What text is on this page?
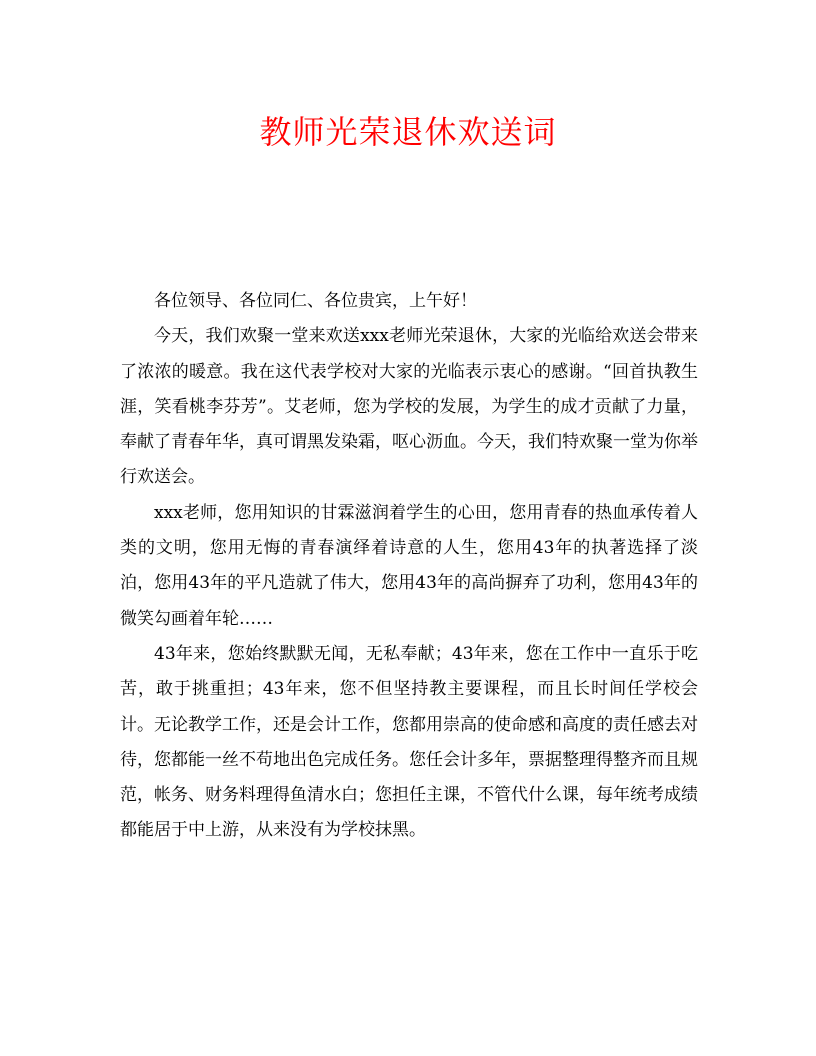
教师光荣退休欢送词

各位领导、各位同仁、各位贵宾，上午好！

今天，我们欢聚一堂来欢送xxx老师光荣退休，大家的光临给欢送会带来了浓浓的暖意。我在这代表学校对大家的光临表示衷心的感谢。“回首执教生涯，笑看桃李芬芳”。艾老师，您为学校的发展，为学生的成才贡献了力量，奉献了青春年华，真可谓黑发染霜，呕心沥血。今天，我们特欢聚一堂为你举行欢送会。

xxx老师，您用知识的甘霖滋润着学生的心田，您用青春的热血承传着人类的文明，您用无悔的青春演绎着诗意的人生，您用43年的执著选择了淡泊，您用43年的平凡造就了伟大，您用43年的高尚摒弃了功利，您用43年的微笑勾画着年轮……

43年来，您始终默默无闻，无私奉献；43年来，您在工作中一直乐于吃苦，敢于挑重担；43年来，您不但坚持教主要课程，而且长时间任学校会计。无论教学工作，还是会计工作，您都用崇高的使命感和高度的责任感去对待，您都能一丝不苟地出色完成任务。您任会计多年，票据整理得整齐而且规范，帐务、财务料理得鱼清水白；您担任主课，不管代什么课，每年统考成绩都能居于中上游，从来没有为学校抹黑。
